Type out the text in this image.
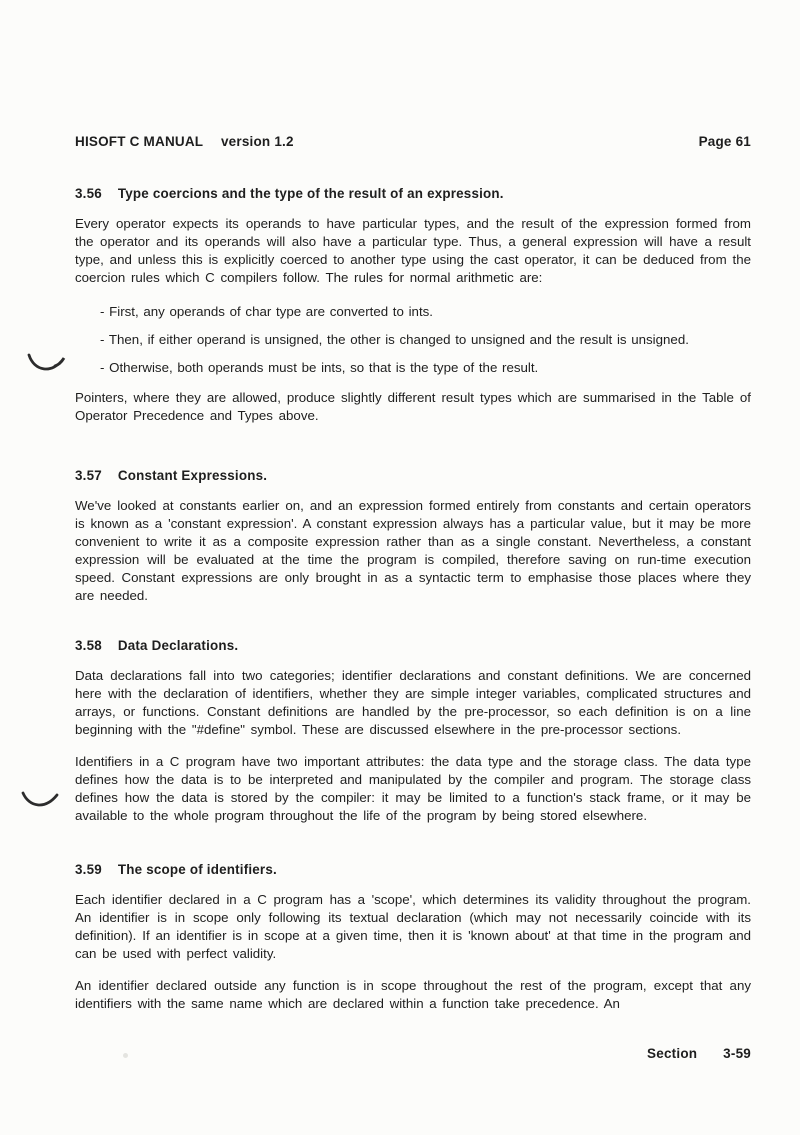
HISOFT C MANUAL version 1.2	Page 61
3.56 Type coercions and the type of the result of an expression.

Every operator expects its operands to have particular types, and the result of the expression formed from the operator and its operands will also have a particular type. Thus, a general expression will have a result type, and unless this is explicitly coerced to another type using the cast operator, it can be deduced from the coercion rules which C compilers follow. The rules for normal arithmetic are:

- First, any operands of char type are converted to ints.

- Then, if either operand is unsigned, the other is changed to unsigned and the result is unsigned.

- Otherwise, both operands must be ints, so that is the type of the result.

Pointers, where they are allowed, produce slightly different result types which are summarised in the Table of Operator Precedence and Types above.

3.57 Constant Expressions.

We've looked at constants earlier on, and an expression formed entirely from constants and certain operators is known as a 'constant expression'. A constant expression always has a particular value, but it may be more convenient to write it as a composite expression rather than as a single constant. Nevertheless, a constant expression will be evaluated at the time the program is compiled, therefore saving on run-time execution speed. Constant expressions are only brought in as a syntactic term to emphasise those places where they are needed.

3.58 Data Declarations.

Data declarations fall into two categories; identifier declarations and constant definitions. We are concerned here with the declaration of identifiers, whether they are simple integer variables, complicated structures and arrays, or functions. Constant definitions are handled by the pre-processor, so each definition is on a line beginning with the "#define" symbol. These are discussed elsewhere in the pre-processor sections.

Identifiers in a C program have two important attributes: the data type and the storage class. The data type defines how the data is to be interpreted and manipulated by the compiler and program. The storage class defines how the data is stored by the compiler: it may be limited to a function's stack frame, or it may be available to the whole program throughout the life of the program by being stored elsewhere.

3.59 The scope of identifiers.

Each identifier declared in a C program has a 'scope', which determines its validity throughout the program. An identifier is in scope only following its textual declaration (which may not necessarily coincide with its definition). If an identifier is in scope at a given time, then it is 'known about' at that time in the program and can be used with perfect validity.

An identifier declared outside any function is in scope throughout the rest of the program, except that any identifiers with the same name which are declared within a function take precedence. An

Section 3-59
